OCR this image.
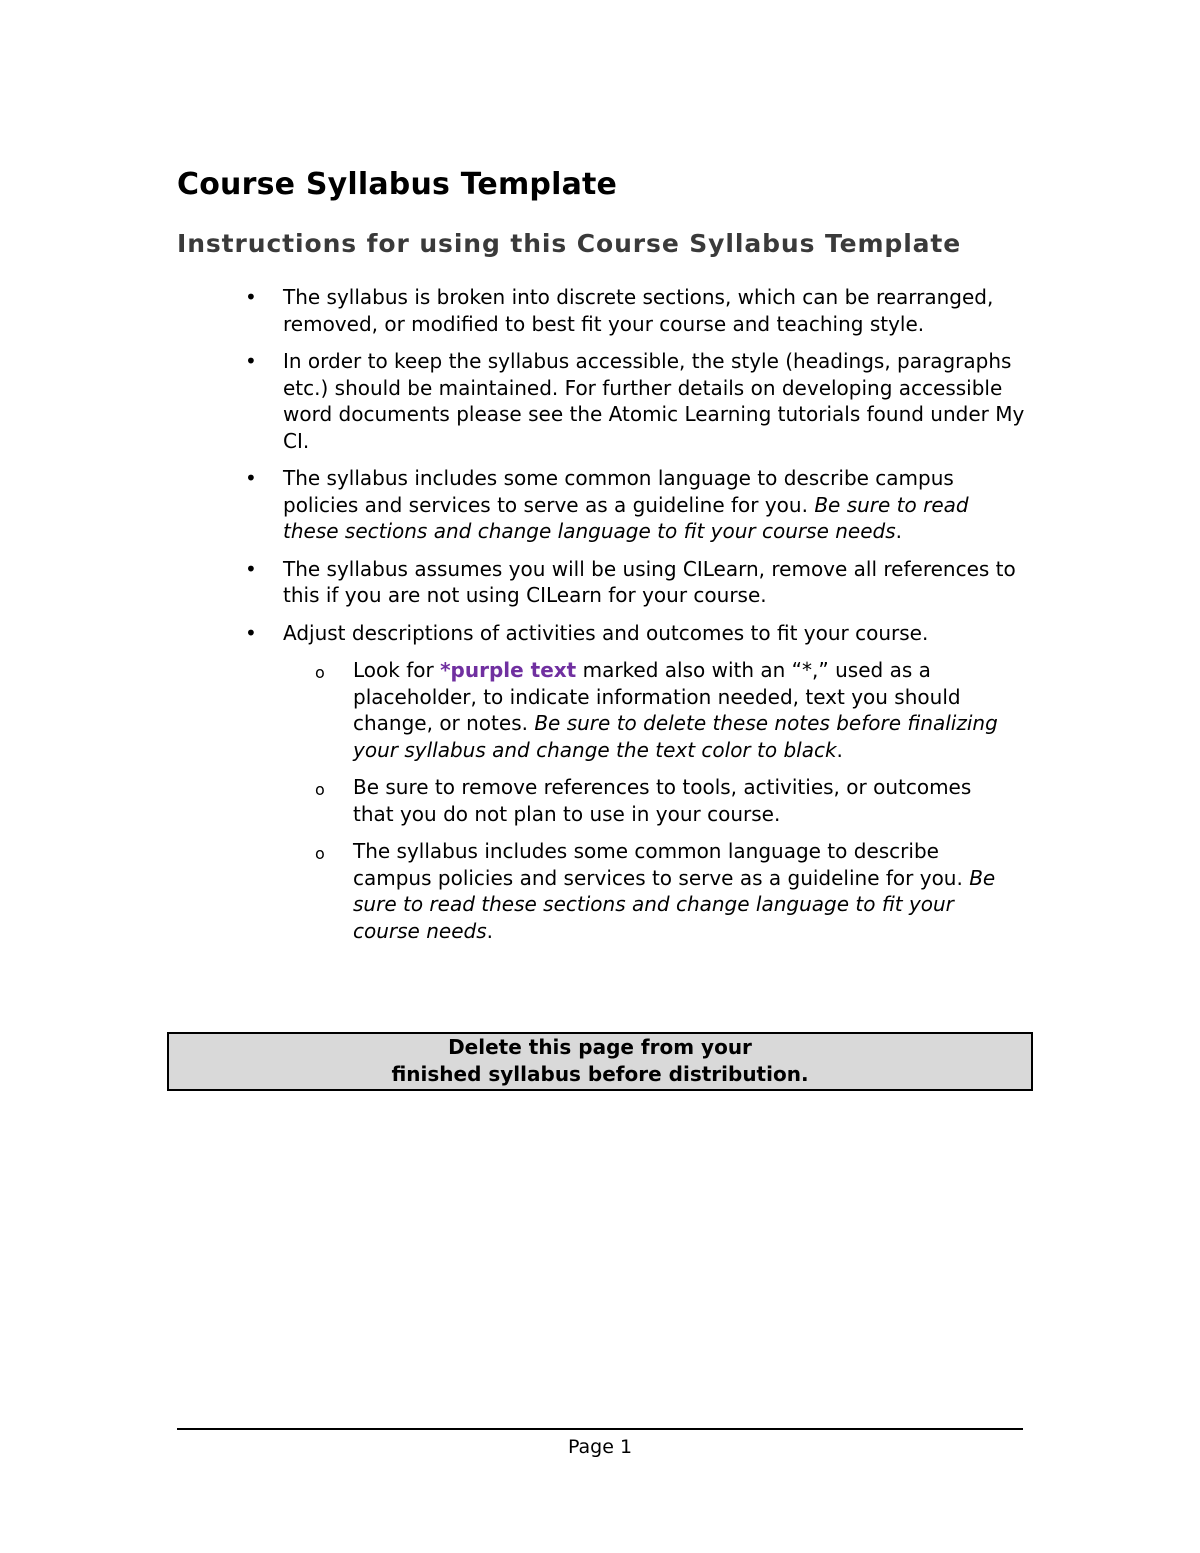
Course Syllabus Template
Instructions for using this Course Syllabus Template
• The syllabus is broken into discrete sections, which can be rearranged, removed, or modified to best fit your course and teaching style.
• In order to keep the syllabus accessible, the style (headings, paragraphs etc.) should be maintained. For further details on developing accessible word documents please see the Atomic Learning tutorials found under My CI.
• The syllabus includes some common language to describe campus policies and services to serve as a guideline for you. Be sure to read these sections and change language to fit your course needs.
• The syllabus assumes you will be using CILearn, remove all references to this if you are not using CILearn for your course.
• Adjust descriptions of activities and outcomes to fit your course.
o Look for *purple text marked also with an “*,” used as a placeholder, to indicate information needed, text you should change, or notes. Be sure to delete these notes before finalizing your syllabus and change the text color to black.
o Be sure to remove references to tools, activities, or outcomes that you do not plan to use in your course.
o The syllabus includes some common language to describe campus policies and services to serve as a guideline for you. Be sure to read these sections and change language to fit your course needs.
Delete this page from your
finished syllabus before distribution.
Page 1
